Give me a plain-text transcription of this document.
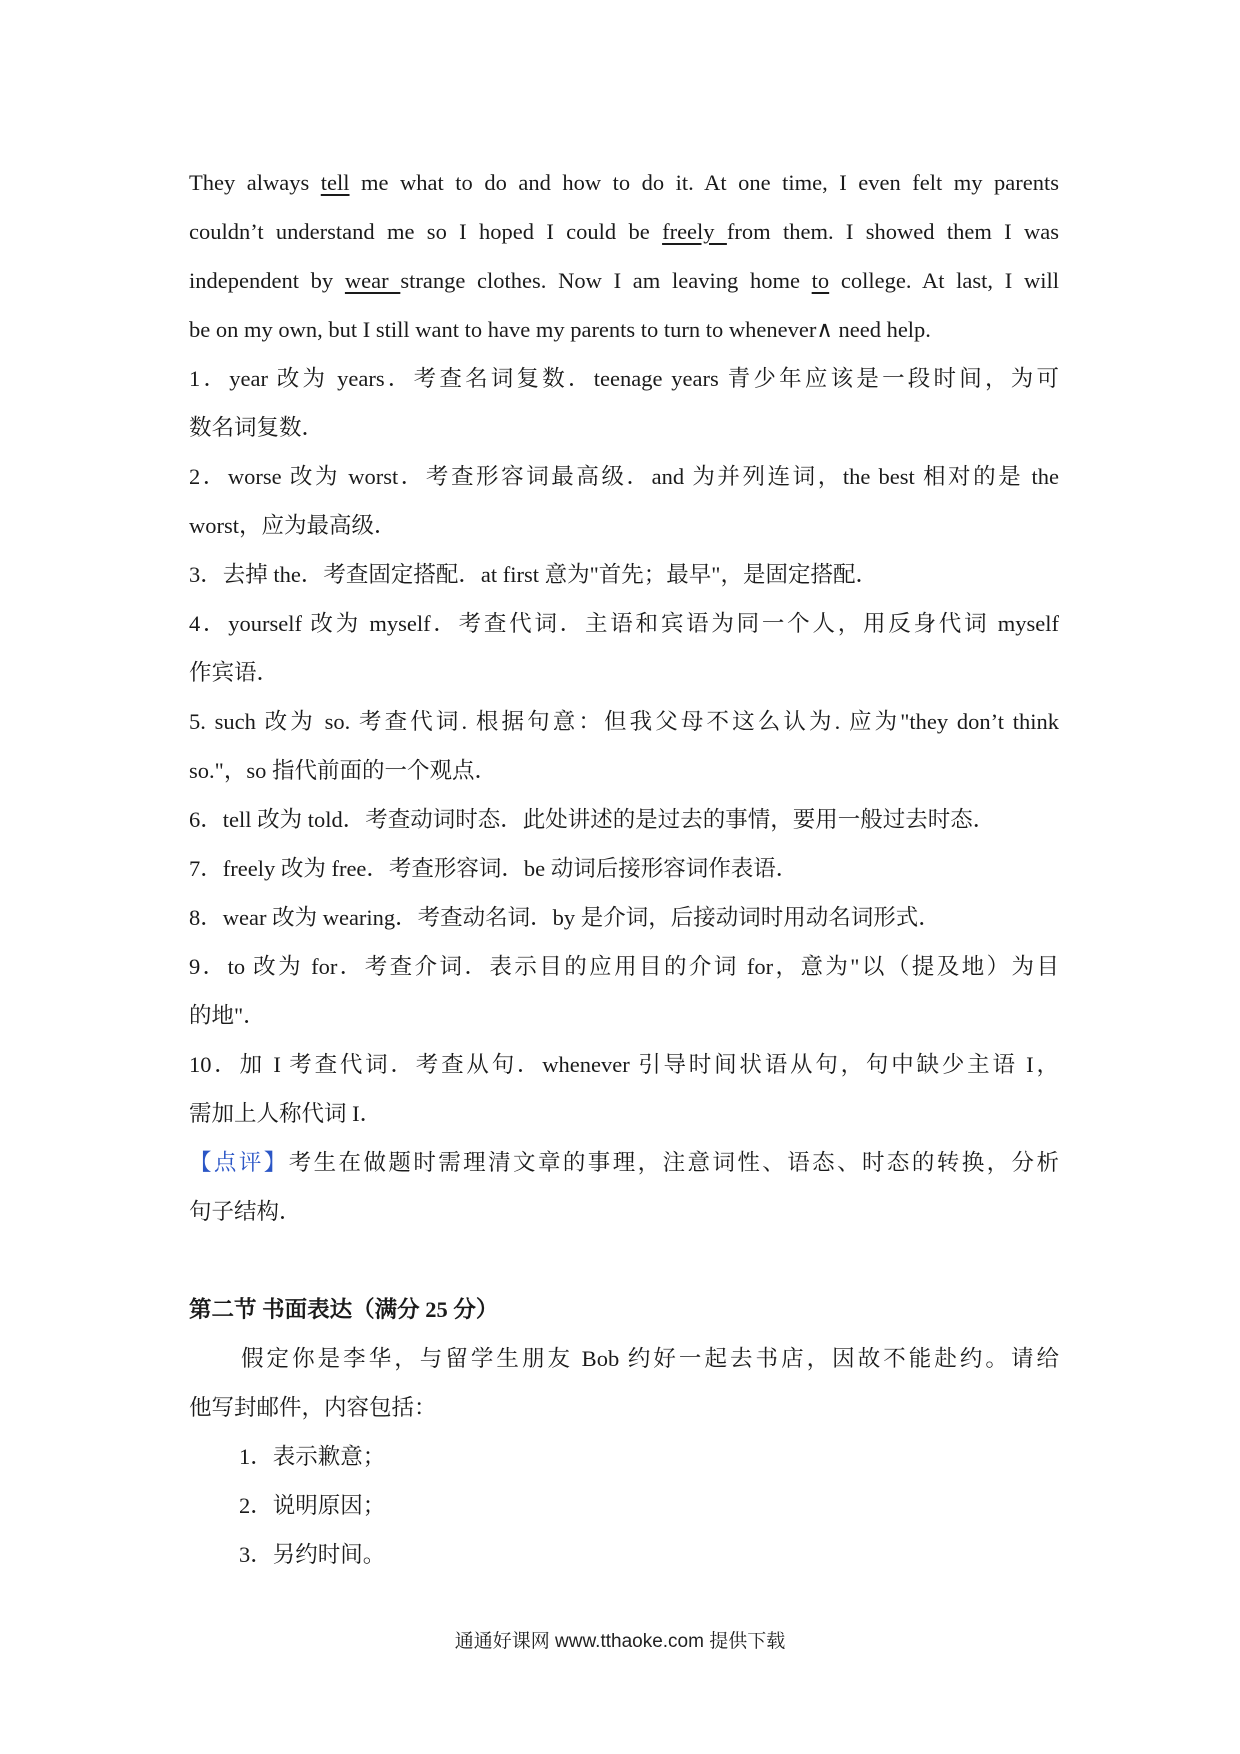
They always tell me what to do and how to do it. At one time, I even felt my parents
couldn’t understand me so I hoped I could be freely from them. I showed them I was
independent by wear strange clothes. Now I am leaving home to college. At last, I will
be on my own, but I still want to have my parents to turn to whenever∧ need help.
1．year 改为 years．考查名词复数．teenage years 青少年应该是一段时间，为可
数名词复数．
2．worse 改为 worst．考查形容词最高级．and 为并列连词，the best 相对的是 the
worst，应为最高级．
3．去掉 the．考查固定搭配．at first 意为"首先；最早"，是固定搭配．
4．yourself 改为 myself．考查代词．主语和宾语为同一个人，用反身代词 myself
作宾语．
5. such 改为 so. 考查代词. 根据句意：但我父母不这么认为. 应为"they don’t think
so."，so 指代前面的一个观点．
6．tell 改为 told．考查动词时态．此处讲述的是过去的事情，要用一般过去时态．
7．freely 改为 free．考查形容词．be 动词后接形容词作表语．
8．wear 改为 wearing．考查动名词．by 是介词，后接动词时用动名词形式．
9．to 改为 for．考查介词．表示目的应用目的介词 for，意为"以（提及地）为目
的地"．
10．加 I 考查代词．考查从句．whenever 引导时间状语从句，句中缺少主语 I，
需加上人称代词 I．
【点评】考生在做题时需理清文章的事理，注意词性、语态、时态的转换，分析
句子结构．
第二节 书面表达（满分 25 分）
假定你是李华，与留学生朋友 Bob 约好一起去书店，因故不能赴约。请给
他写封邮件，内容包括：
1．表示歉意；
2．说明原因；
3．另约时间。
通通好课网 www.tthaoke.com 提供下载
